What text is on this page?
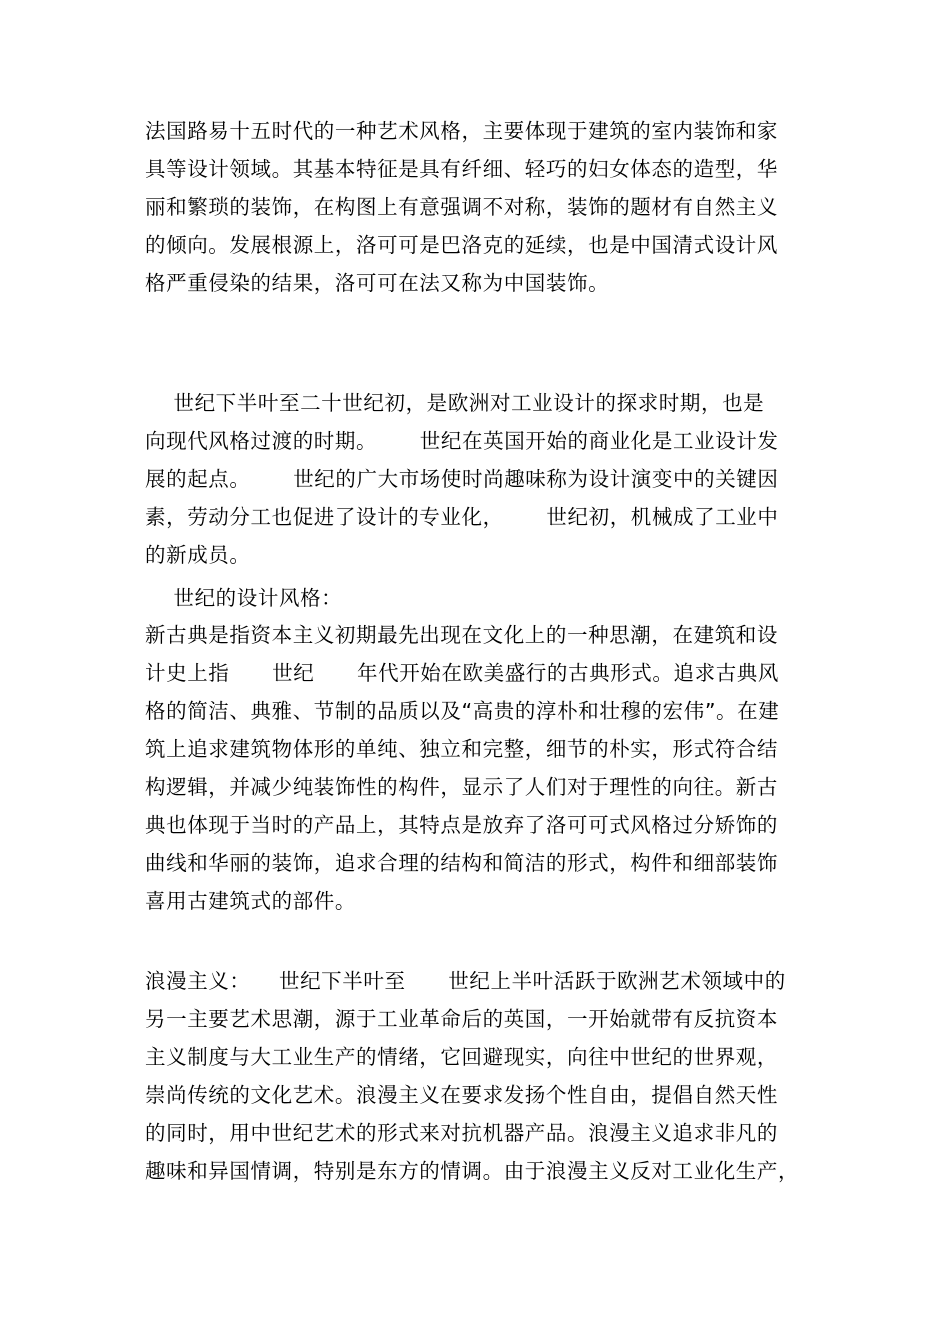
法国路易十五时代的一种艺术风格，主要体现于建筑的室内装饰和家
具等设计领域。其基本特征是具有纤细、轻巧的妇女体态的造型，华
丽和繁琐的装饰，在构图上有意强调不对称，装饰的题材有自然主义
的倾向。发展根源上，洛可可是巴洛克的延续，也是中国清式设计风
格严重侵染的结果，洛可可在法又称为中国装饰。
世纪下半叶至二十世纪初，是欧洲对工业设计的探求时期，也是
向现代风格过渡的时期。      世纪在英国开始的商业化是工业设计发
展的起点。      世纪的广大市场使时尚趣味称为设计演变中的关键因
素，劳动分工也促进了设计的专业化，      世纪初，机械成了工业中
的新成员。
世纪的设计风格：
新古典是指资本主义初期最先出现在文化上的一种思潮，在建筑和设
计史上指      世纪      年代开始在欧美盛行的古典形式。追求古典风
格的简洁、典雅、节制的品质以及“高贵的淳朴和壮穆的宏伟”。在建
筑上追求建筑物体形的单纯、独立和完整，细节的朴实，形式符合结
构逻辑，并减少纯装饰性的构件，显示了人们对于理性的向往。新古
典也体现于当时的产品上，其特点是放弃了洛可可式风格过分矫饰的
曲线和华丽的装饰，追求合理的结构和简洁的形式，构件和细部装饰
喜用古建筑式的部件。
浪漫主义：    世纪下半叶至      世纪上半叶活跃于欧洲艺术领域中的
另一主要艺术思潮，源于工业革命后的英国，一开始就带有反抗资本
主义制度与大工业生产的情绪，它回避现实，向往中世纪的世界观，
崇尚传统的文化艺术。浪漫主义在要求发扬个性自由，提倡自然天性
的同时，用中世纪艺术的形式来对抗机器产品。浪漫主义追求非凡的
趣味和异国情调，特别是东方的情调。由于浪漫主义反对工业化生产，
